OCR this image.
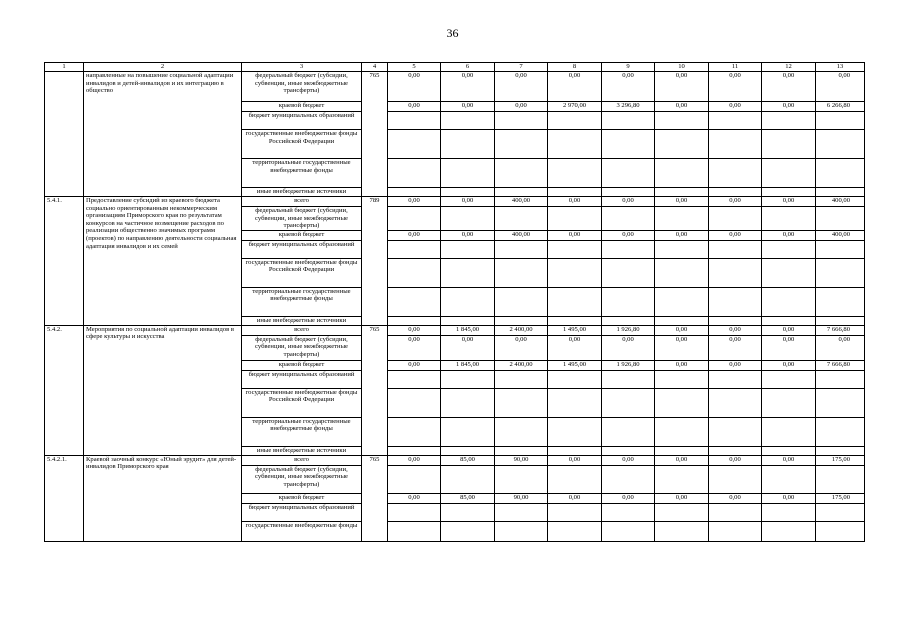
36
1	2	3	4	5	6	7	8	9	10	11	12	13
	направленные на повышение социальной адаптации инвалидов и детей-инвалидов и их интеграцию в общество	федеральный бюджет (субсидии, субвенции, иные межбюджетные трансферты)	765	0,00	0,00	0,00	0,00	0,00	0,00	0,00	0,00	0,00
		краевой бюджет		0,00	0,00	0,00	2 970,00	3 296,80	0,00	0,00	0,00	6 266,80
		бюджет муниципальных образований										
		государственные внебюджетные фонды Российской Федерации										
		территориальные государственные внебюджетные фонды										
		иные внебюджетные источники										
5.4.1.	Предоставление субсидий из краевого бюджета социально ориентированным некоммерческим организациям Приморского края по результатам конкурсов на частичное возмещение расходов по реализации общественно значимых программ (проектов) по направлению деятельности социальная адаптация инвалидов и их семей	всего	789	0,00	0,00	400,00	0,00	0,00	0,00	0,00	0,00	400,00
		федеральный бюджет (субсидии, субвенции, иные межбюджетные трансферты)										
		краевой бюджет		0,00	0,00	400,00	0,00	0,00	0,00	0,00	0,00	400,00
		бюджет муниципальных образований										
		государственные внебюджетные фонды Российской Федерации										
		территориальные государственные внебюджетные фонды										
		иные внебюджетные источники										
5.4.2.	Мероприятия по социальной адаптации инвалидов в сфере культуры и искусства	всего	765	0,00	1 845,00	2 400,00	1 495,00	1 926,80	0,00	0,00	0,00	7 666,80
		федеральный бюджет (субсидии, субвенции, иные межбюджетные трансферты)		0,00	0,00	0,00	0,00	0,00	0,00	0,00	0,00	0,00
		краевой бюджет		0,00	1 845,00	2 400,00	1 495,00	1 926,80	0,00	0,00	0,00	7 666,80
		бюджет муниципальных образований										
		государственные внебюджетные фонды Российской Федерации										
		территориальные государственные внебюджетные фонды										
		иные внебюджетные источники										
5.4.2.1.	Краевой заочный конкурс «Юный эрудит» для детей-инвалидов Приморского края	всего	765	0,00	85,00	90,00	0,00	0,00	0,00	0,00	0,00	175,00
		федеральный бюджет (субсидии, субвенции, иные межбюджетные трансферты)										
		краевой бюджет		0,00	85,00	90,00	0,00	0,00	0,00	0,00	0,00	175,00
		бюджет муниципальных образований										
		государственные внебюджетные фонды										
